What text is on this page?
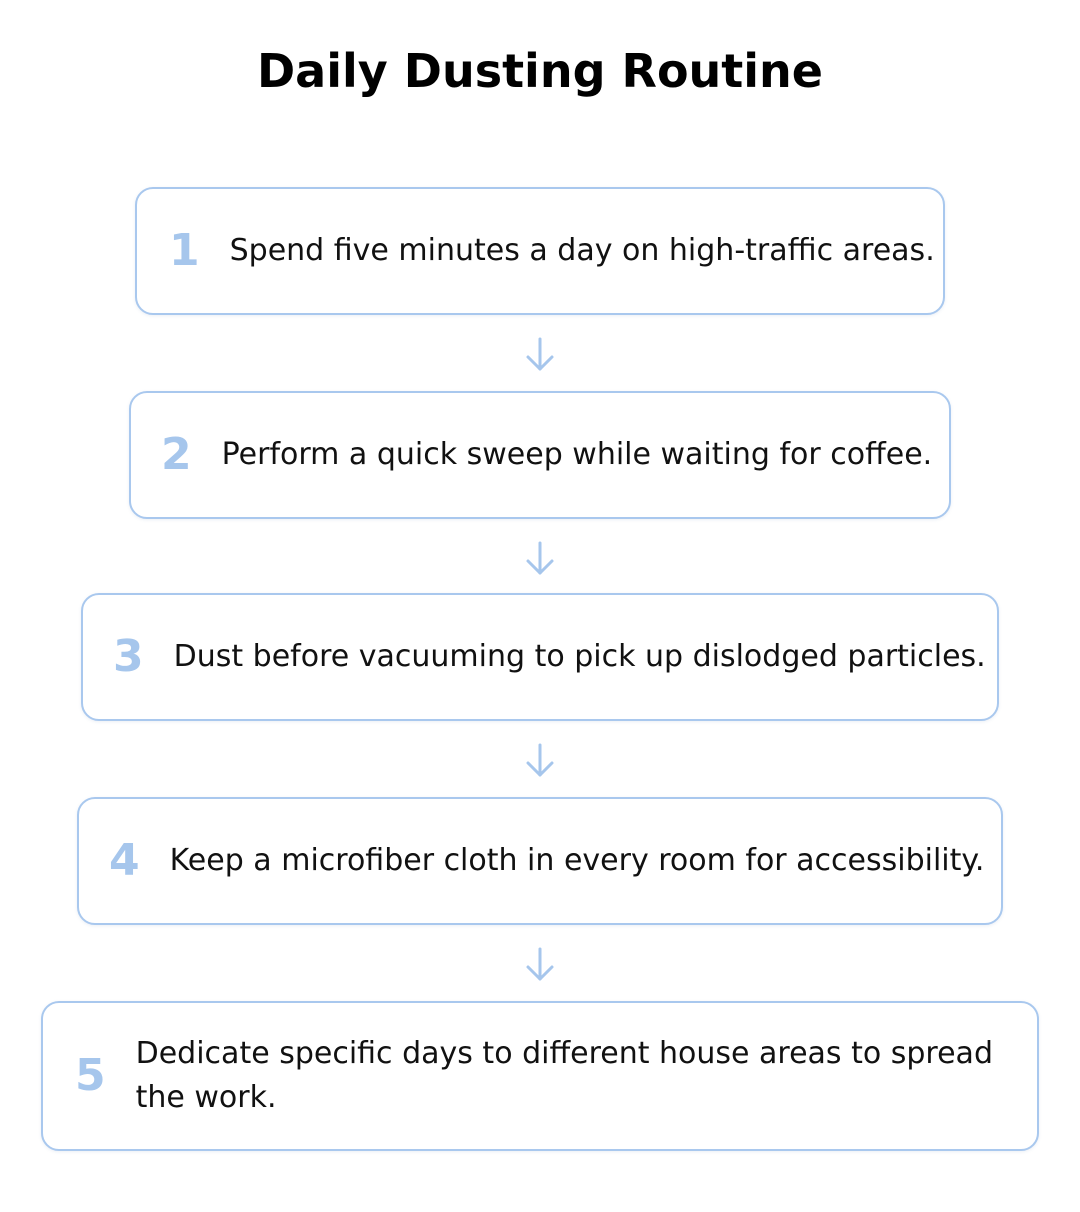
Daily Dusting Routine
1 Spend five minutes a day on high-traffic areas.
2 Perform a quick sweep while waiting for coffee.
3 Dust before vacuuming to pick up dislodged particles.
4 Keep a microfiber cloth in every room for accessibility.
5 Dedicate specific days to different house areas to spread the work.
